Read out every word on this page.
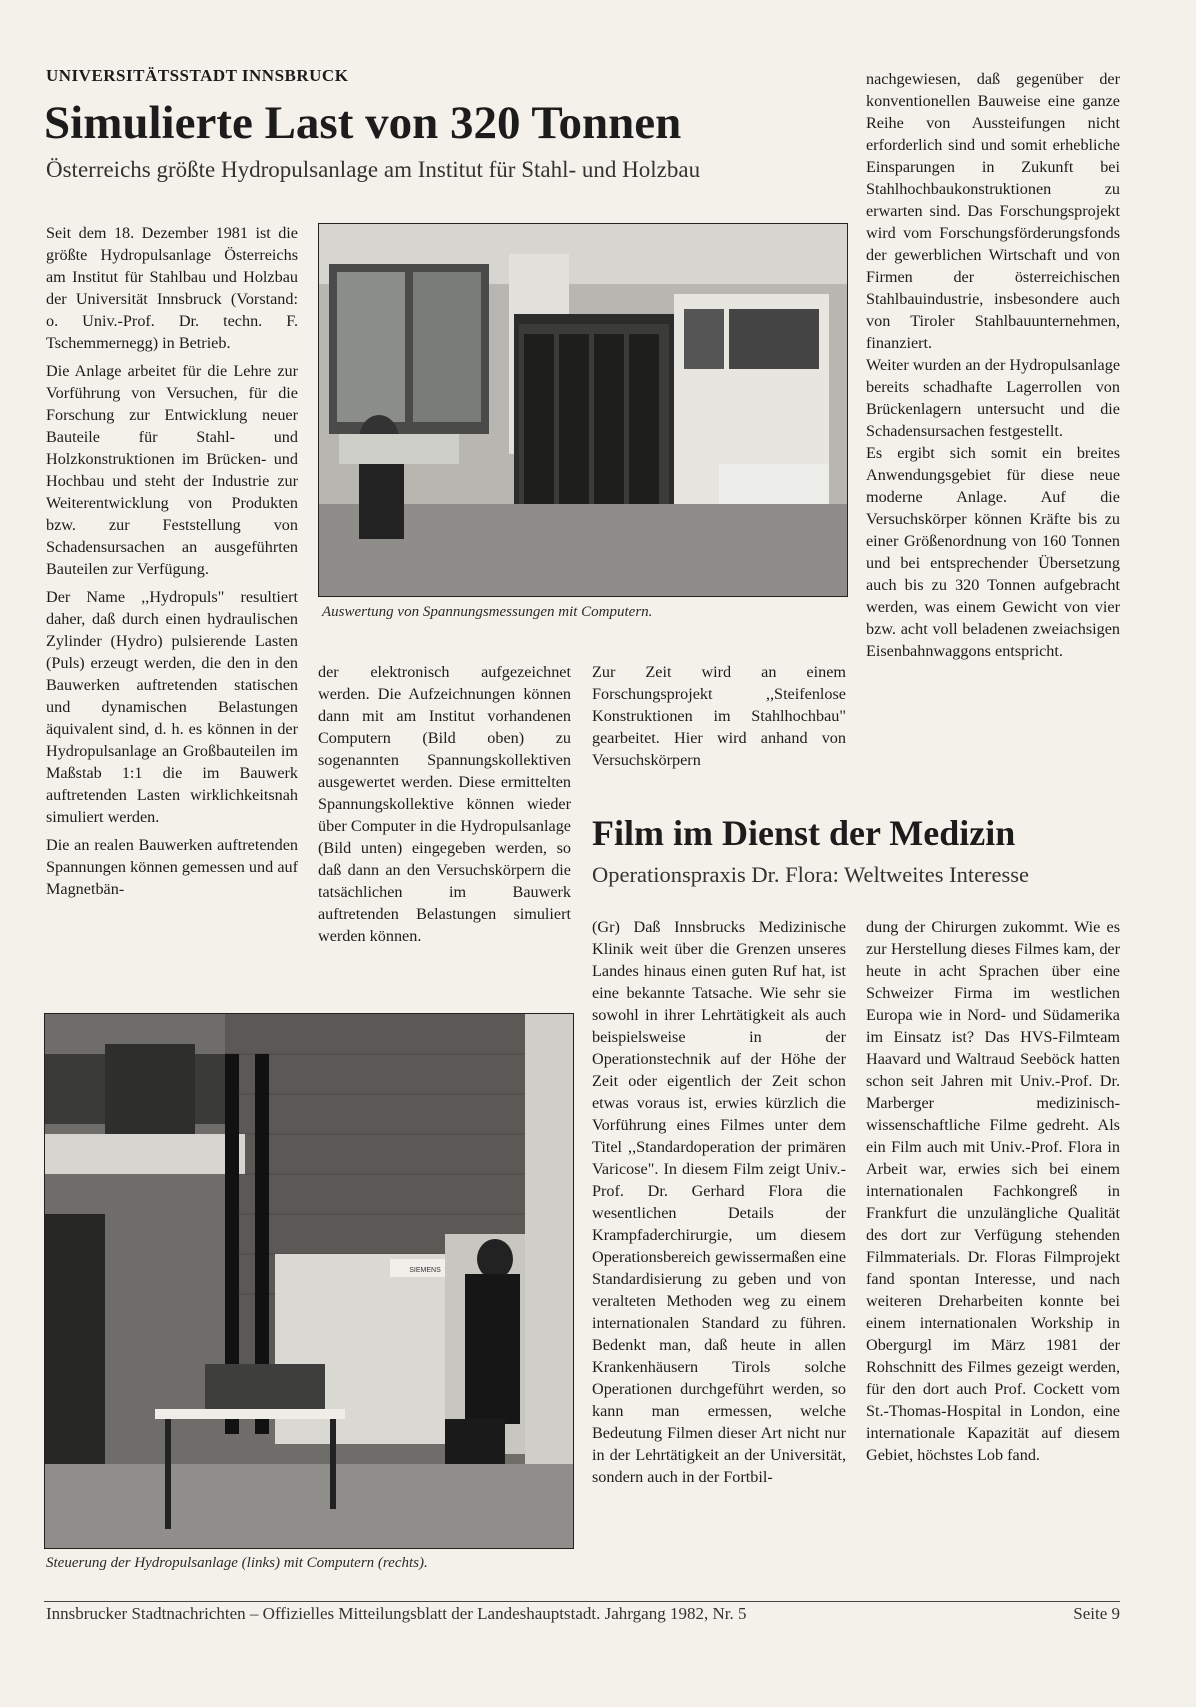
UNIVERSITÄTSSTADT INNSBRUCK
Simulierte Last von 320 Tonnen
Österreichs größte Hydropulsanlage am Institut für Stahl- und Holzbau

Seit dem 18. Dezember 1981 ist die größte Hydropulsanlage Österreichs am Institut für Stahlbau und Holzbau der Universität Innsbruck (Vorstand: o. Univ.-Prof. Dr. techn. F. Tschemmernegg) in Betrieb.

Die Anlage arbeitet für die Lehre zur Vorführung von Versuchen, für die Forschung zur Entwicklung neuer Bauteile für Stahl- und Holzkonstruktionen im Brücken- und Hochbau und steht der Industrie zur Weiterentwicklung von Produkten bzw. zur Feststellung von Schadensursachen an ausgeführten Bauteilen zur Verfügung.

Der Name ,,Hydropuls" resultiert daher, daß durch einen hydraulischen Zylinder (Hydro) pulsierende Lasten (Puls) erzeugt werden, die den in den Bauwerken auftretenden statischen und dynamischen Belastungen äquivalent sind, d. h. es können in der Hydropulsanlage an Großbauteilen im Maßstab 1:1 die im Bauwerk auftretenden Lasten wirklichkeitsnah simuliert werden.

Die an realen Bauwerken auftretenden Spannungen können gemessen und auf Magnetbän-

Auswertung von Spannungsmessungen mit Computern.

der elektronisch aufgezeichnet werden. Die Aufzeichnungen können dann mit am Institut vorhandenen Computern (Bild oben) zu sogenannten Spannungskollektiven ausgewertet werden. Diese ermittelten Spannungskollektive können wieder über Computer in die Hydropulsanlage (Bild unten) eingegeben werden, so daß dann an den Versuchskörpern die tatsächlichen im Bauwerk auftretenden Belastungen simuliert werden können.

Zur Zeit wird an einem Forschungsprojekt ,,Steifenlose Konstruktionen im Stahlhochbau" gearbeitet. Hier wird anhand von Versuchskörpern

nachgewiesen, daß gegenüber der konventionellen Bauweise eine ganze Reihe von Aussteifungen nicht erforderlich sind und somit erhebliche Einsparungen in Zukunft bei Stahlhochbaukonstruktionen zu erwarten sind. Das Forschungsprojekt wird vom Forschungsförderungsfonds der gewerblichen Wirtschaft und von Firmen der österreichischen Stahlbauindustrie, insbesondere auch von Tiroler Stahlbauunternehmen, finanziert.

Weiter wurden an der Hydropulsanlage bereits schadhafte Lagerrollen von Brückenlagern untersucht und die Schadensursachen festgestellt.

Es ergibt sich somit ein breites Anwendungsgebiet für diese neue moderne Anlage. Auf die Versuchskörper können Kräfte bis zu einer Größenordnung von 160 Tonnen und bei entsprechender Übersetzung auch bis zu 320 Tonnen aufgebracht werden, was einem Gewicht von vier bzw. acht voll beladenen zweiachsigen Eisenbahnwaggons entspricht.

SIEMENS
Steuerung der Hydropulsanlage (links) mit Computern (rechts).
Film im Dienst der Medizin
Operationspraxis Dr. Flora: Weltweites Interesse

(Gr) Daß Innsbrucks Medizinische Klinik weit über die Grenzen unseres Landes hinaus einen guten Ruf hat, ist eine bekannte Tatsache. Wie sehr sie sowohl in ihrer Lehrtätigkeit als auch beispielsweise in der Operationstechnik auf der Höhe der Zeit oder eigentlich der Zeit schon etwas voraus ist, erwies kürzlich die Vorführung eines Filmes unter dem Titel ,,Standardoperation der primären Varicose". In diesem Film zeigt Univ.-Prof. Dr. Gerhard Flora die wesentlichen Details der Krampfaderchirurgie, um diesem Operationsbereich gewissermaßen eine Standardisierung zu geben und von veralteten Methoden weg zu einem internationalen Standard zu führen. Bedenkt man, daß heute in allen Krankenhäusern Tirols solche Operationen durchgeführt werden, so kann man ermessen, welche Bedeutung Filmen dieser Art nicht nur in der Lehrtätigkeit an der Universität, sondern auch in der Fortbil-

dung der Chirurgen zukommt. Wie es zur Herstellung dieses Filmes kam, der heute in acht Sprachen über eine Schweizer Firma im westlichen Europa wie in Nord- und Südamerika im Einsatz ist? Das HVS-Filmteam Haavard und Waltraud Seeböck hatten schon seit Jahren mit Univ.-Prof. Dr. Marberger medizinisch-wissenschaftliche Filme gedreht. Als ein Film auch mit Univ.-Prof. Flora in Arbeit war, erwies sich bei einem internationalen Fachkongreß in Frankfurt die unzulängliche Qualität des dort zur Verfügung stehenden Filmmaterials. Dr. Floras Filmprojekt fand spontan Interesse, und nach weiteren Dreharbeiten konnte bei einem internationalen Workship in Obergurgl im März 1981 der Rohschnitt des Filmes gezeigt werden, für den dort auch Prof. Cockett vom St.-Thomas-Hospital in London, eine internationale Kapazität auf diesem Gebiet, höchstes Lob fand.

Innsbrucker Stadtnachrichten – Offizielles Mitteilungsblatt der Landeshauptstadt. Jahrgang 1982, Nr. 5	Seite 9
